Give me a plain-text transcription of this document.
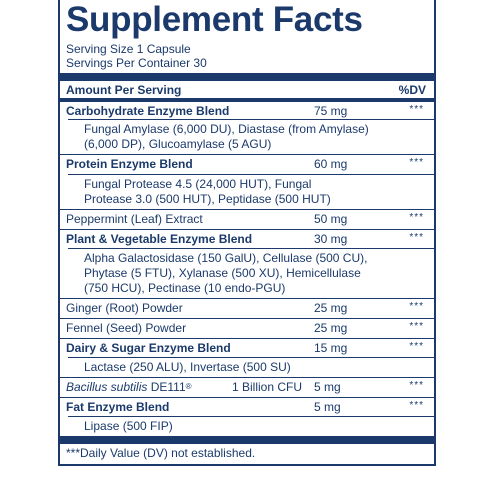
Supplement Facts
Serving Size 1 Capsule
Servings Per Container 30
Amount Per Serving	%DV
Carbohydrate Enzyme Blend	75 mg	***
Fungal Amylase (6,000 DU), Diastase (from Amylase)
(6,000 DP), Glucoamylase (5 AGU)
Protein Enzyme Blend	60 mg	***
Fungal Protease 4.5 (24,000 HUT), Fungal
Protease 3.0 (500 HUT), Peptidase (500 HUT)
Peppermint (Leaf) Extract	50 mg	***
Plant & Vegetable Enzyme Blend	30 mg	***
Alpha Galactosidase (150 GalU), Cellulase (500 CU),
Phytase (5 FTU), Xylanase (500 XU), Hemicellulase
(750 HCU), Pectinase (10 endo-PGU)
Ginger (Root) Powder	25 mg	***
Fennel (Seed) Powder	25 mg	***
Dairy & Sugar Enzyme Blend	15 mg	***
Lactase (250 ALU), Invertase (500 SU)
Bacillus subtilis DE111®	1 Billion CFU 5 mg	***
Fat Enzyme Blend	5 mg	***
Lipase (500 FIP)
***Daily Value (DV) not established.
